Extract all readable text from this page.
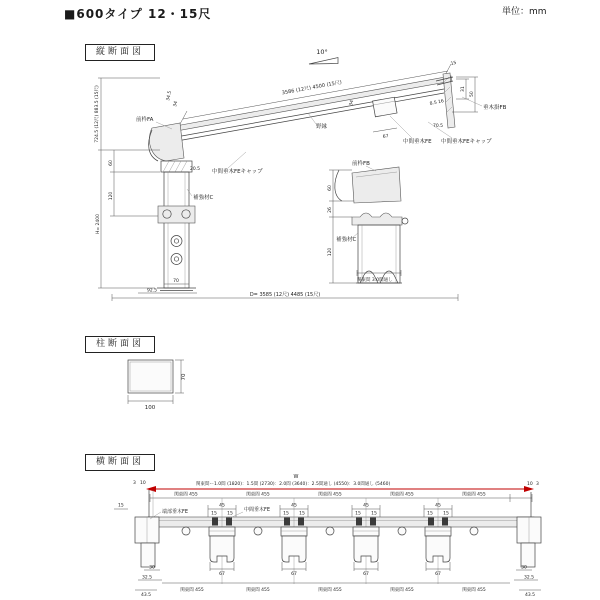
■600タイプ 12・15尺	単位：mm
縦断面図
柱断面図
横断面図
10°
3586 (12尺) 4500 (15尺)
34.5
34	34
31
50
15
8.5 16
70.5
垂木掛FB
67
野縁
中間垂木FE 中間垂木FEキャップ
中間垂木FEキャップ
前枠FA
補強材C
724.5 (12尺) 883.5 (15尺)
H= 2400
60
120
20.5
70
92.5
前枠FB
60
26
120
補強材C
関東間 3.0間通し
D= 3585 (12尺) 4485 (15尺)
70
100
W
関東間ー1.0間 (1820)：1.5間 (2730)：2.0間 (3640)：2.5間通し (4550)：3.0間通し (5460)
3 10	10 3
関東間 455	関東間 455	関東間 455	関東間 455	関東間 455
15
端部垂木FE
45
15 15
67
45
15 15
67
45
15 15
67
45
15 15
67
中間垂木FE
関東間 455	関東間 455	関東間 455	関東間 455	関東間 455
30
32.5
43.5
30
32.5
43.5
